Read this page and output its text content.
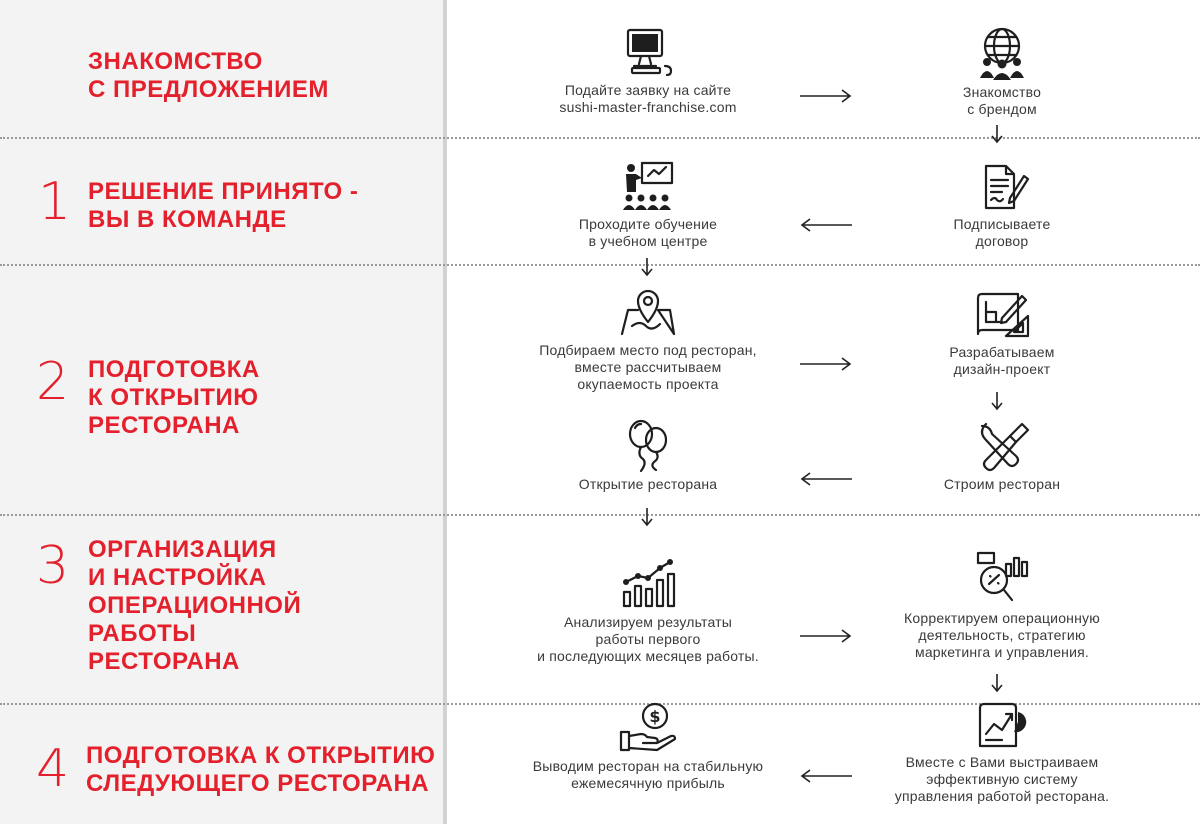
ЗНАКОМСТВО
С ПРЕДЛОЖЕНИЕМ
1 РЕШЕНИЕ ПРИНЯТО -
ВЫ В КОМАНДЕ
2 ПОДГОТОВКА
К ОТКРЫТИЮ
РЕСТОРАНА
3 ОРГАНИЗАЦИЯ
И НАСТРОЙКА
ОПЕРАЦИОННОЙ
РАБОТЫ
РЕСТОРАНА
4 ПОДГОТОВКА К ОТКРЫТИЮ
СЛЕДУЮЩЕГО РЕСТОРАНА
Подайте заявку на сайте
sushi-master-franchise.com
Знакомство
с брендом
Подписываете
договор
Проходите обучение
в учебном центре
Подбираем место под ресторан,
вместе рассчитываем
окупаемость проекта
Разрабатываем
дизайн-проект
Строим ресторан
Открытие ресторана
Анализируем результаты
работы первого
и последующих месяцев работы.
Корректируем операционную
деятельность, стратегию
маркетинга и управления.
Вместе с Вами выстраиваем
эффективную систему
управления работой ресторана.
$
Выводим ресторан на стабильную
ежемесячную прибыль
